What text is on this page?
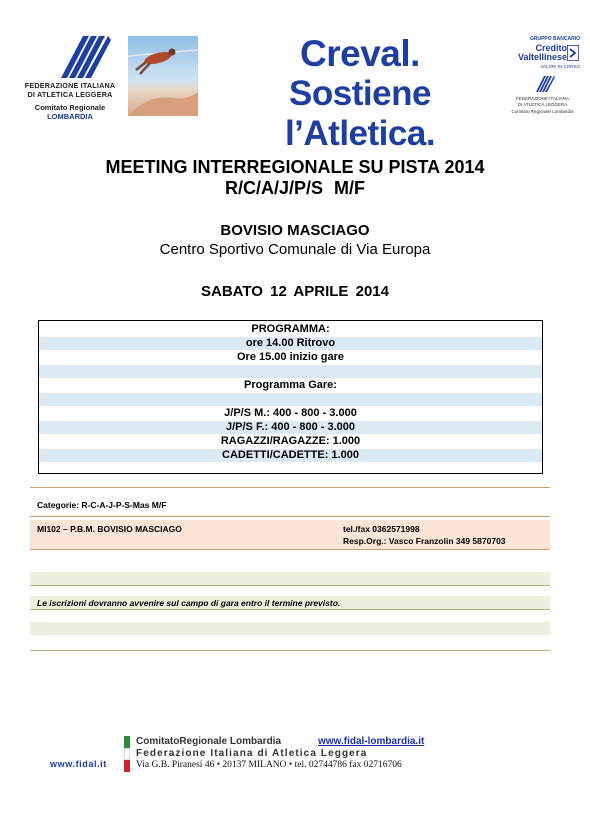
FEDERAZIONE ITALIANA
DI ATLETICA LEGGERA
Comitato Regionale LOMBARDIA
Creval.
Sostiene l’Atletica.
GRUPPO BANCARIO
Credito Valtellinese
VALORI IN CORSO
FEDERAZIONE ITALIANA
DI ATLETICA LEGGERA
Comitato Regionale Lombardia
MEETING INTERREGIONALE SU PISTA 2014
R/C/A/J/P/S M/F
BOVISIO MASCIAGO
Centro Sportivo Comunale di Via Europa
SABATO 12 APRILE 2014
PROGRAMMA:
ore 14.00 Ritrovo
Ore 15.00 inizio gare
Programma Gare:
J/P/S M.: 400 - 800 - 3.000
J/P/S F.: 400 - 800 - 3.000
RAGAZZI/RAGAZZE: 1.000
CADETTI/CADETTE: 1.000
Categorie: R-C-A-J-P-S-Mas M/F
MI102 – P.B.M. BOVISIO MASCIAGO	tel./fax 0362571998
Resp.Org.: Vasco Franzolin 349 5870703
Le iscrizioni dovranno avvenire sul campo di gara entro il termine previsto.
ComitatoRegionale Lombardia	www.fidal-lombardia.it
Federazione Italiana di Atletica Leggera
www.fidal.it	Via G.B. Piranesi 46 • 20137 MILANO • tel. 02744786 fax 02716706
